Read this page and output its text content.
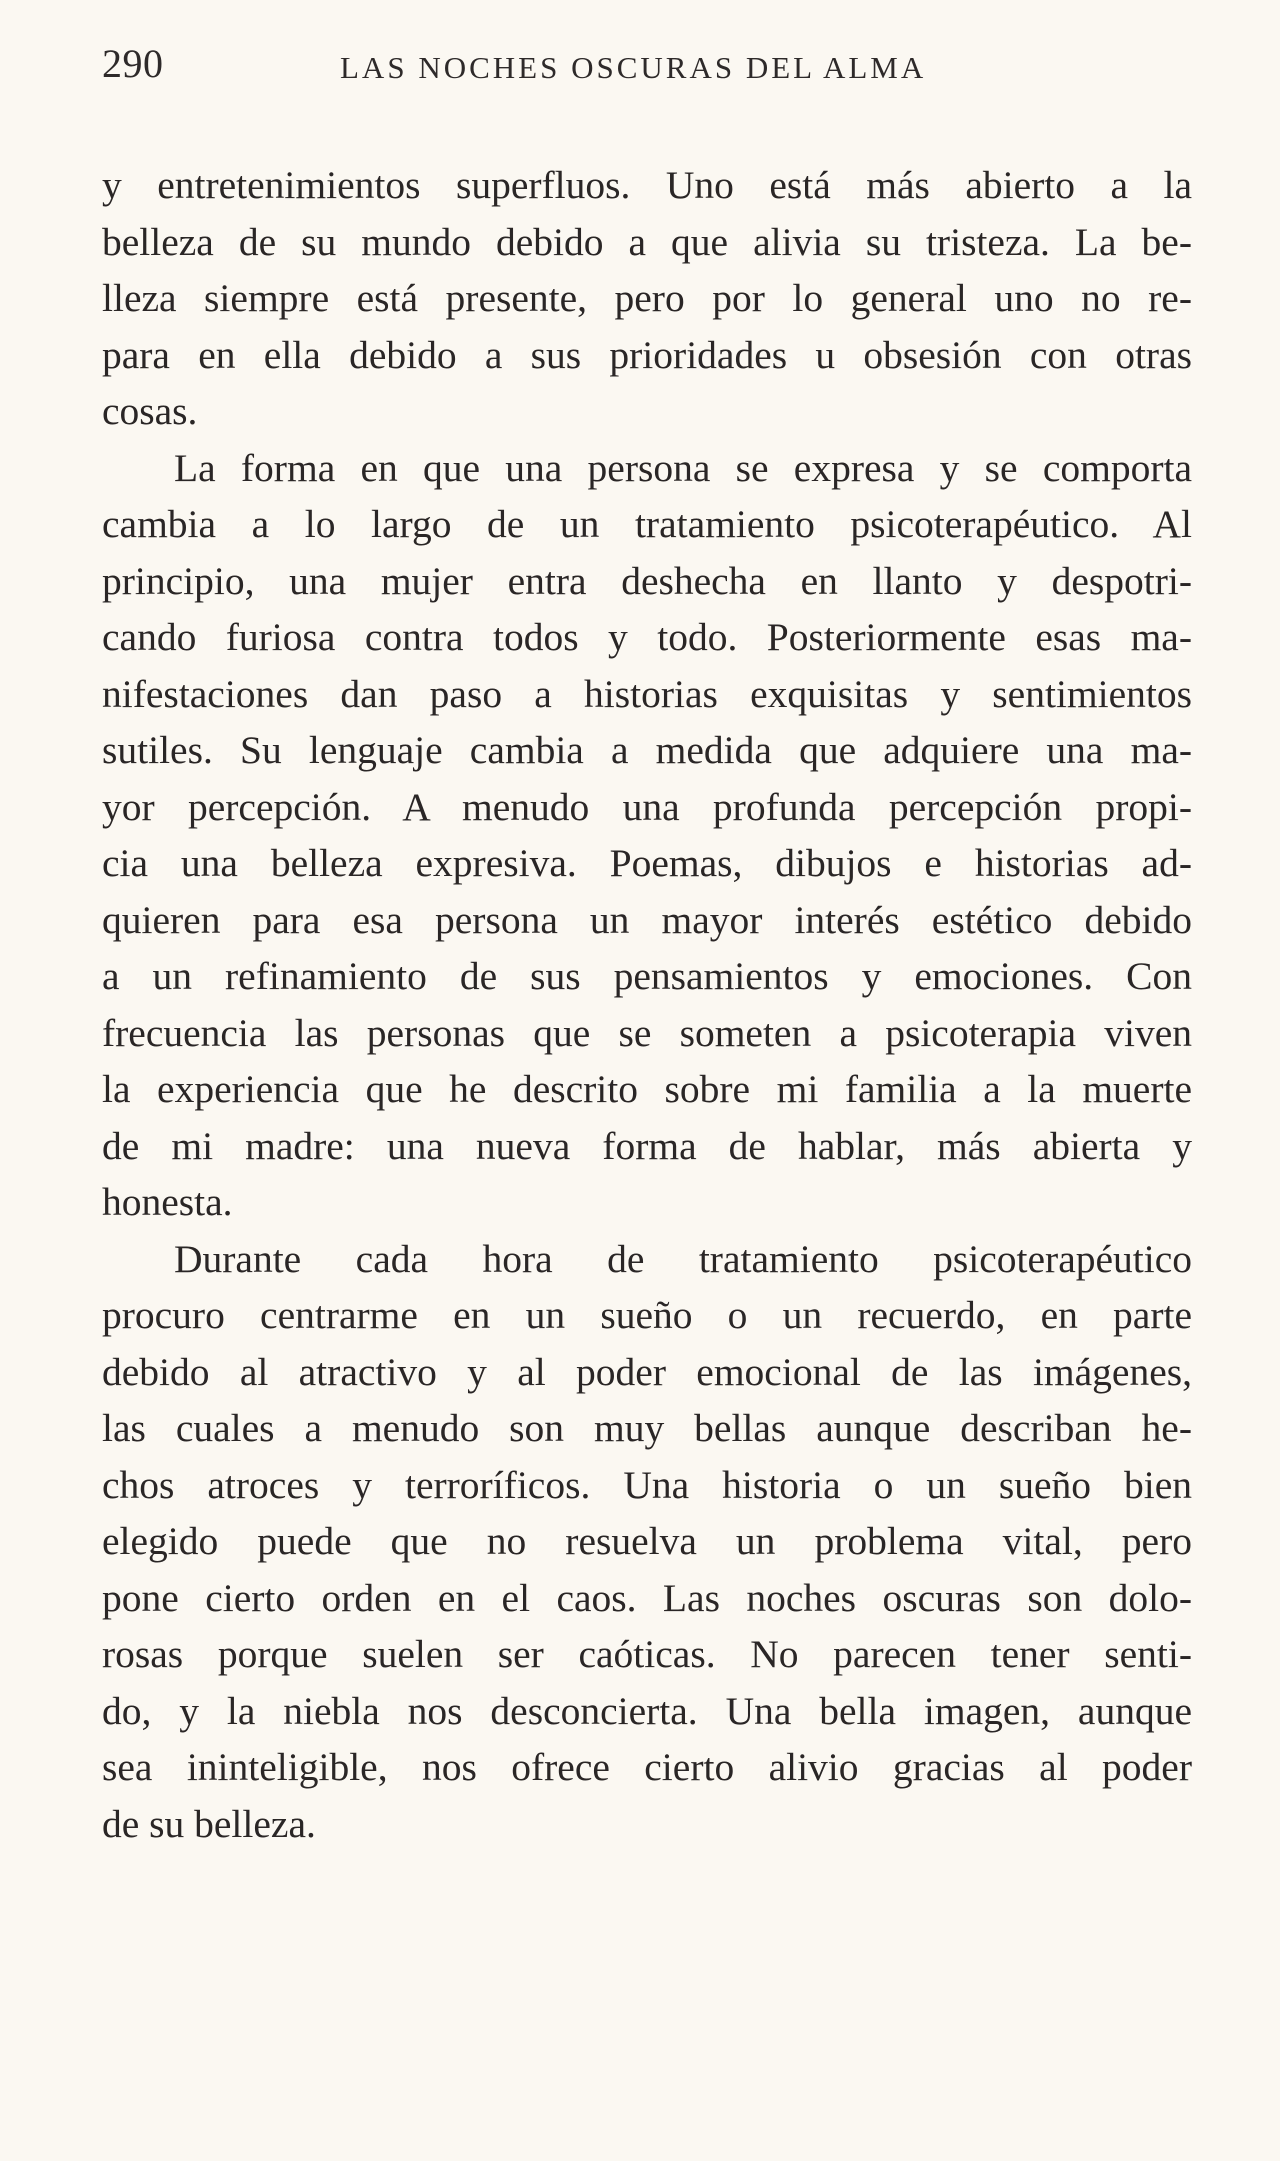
290	LAS NOCHES OSCURAS DEL ALMA

y entretenimientos superfluos. Uno está más abierto a la
belleza de su mundo debido a que alivia su tristeza. La be-
lleza siempre está presente, pero por lo general uno no re-
para en ella debido a sus prioridades u obsesión con otras
cosas.

La forma en que una persona se expresa y se comporta
cambia a lo largo de un tratamiento psicoterapéutico. Al
principio, una mujer entra deshecha en llanto y despotri-
cando furiosa contra todos y todo. Posteriormente esas ma-
nifestaciones dan paso a historias exquisitas y sentimientos
sutiles. Su lenguaje cambia a medida que adquiere una ma-
yor percepción. A menudo una profunda percepción propi-
cia una belleza expresiva. Poemas, dibujos e historias ad-
quieren para esa persona un mayor interés estético debido
a un refinamiento de sus pensamientos y emociones. Con
frecuencia las personas que se someten a psicoterapia viven
la experiencia que he descrito sobre mi familia a la muerte
de mi madre: una nueva forma de hablar, más abierta y
honesta.

Durante cada hora de tratamiento psicoterapéutico
procuro centrarme en un sueño o un recuerdo, en parte
debido al atractivo y al poder emocional de las imágenes,
las cuales a menudo son muy bellas aunque describan he-
chos atroces y terroríficos. Una historia o un sueño bien
elegido puede que no resuelva un problema vital, pero
pone cierto orden en el caos. Las noches oscuras son dolo-
rosas porque suelen ser caóticas. No parecen tener senti-
do, y la niebla nos desconcierta. Una bella imagen, aunque
sea ininteligible, nos ofrece cierto alivio gracias al poder
de su belleza.
